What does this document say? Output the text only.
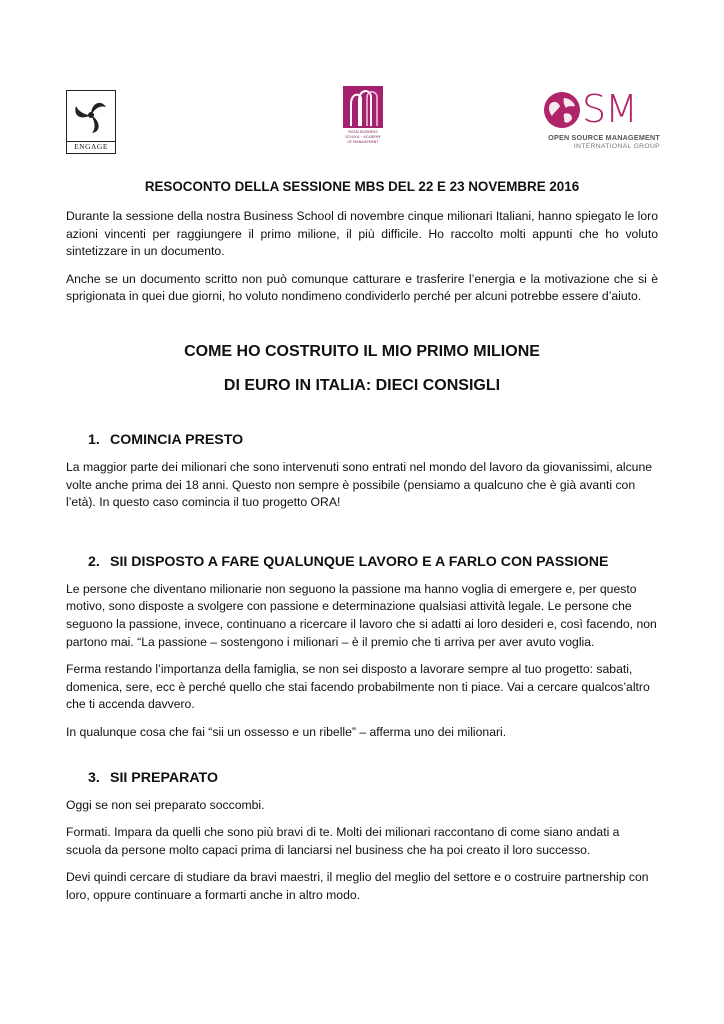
ENGAGE
ROSSI BUSINESS SCHOOL · ACADEMY OF MANAGEMENT
SM
OPEN SOURCE MANAGEMENT
INTERNATIONAL GROUP
RESOCONTO DELLA SESSIONE MBS DEL 22 E 23 NOVEMBRE 2016

Durante la sessione della nostra Business School di novembre cinque milionari Italiani, hanno spiegato le loro azioni vincenti per raggiungere il primo milione, il più difficile. Ho raccolto molti appunti che ho voluto sintetizzare in un documento.

Anche se un documento scritto non può comunque catturare e trasferire l’energia e la motivazione che si è sprigionata in quei due giorni, ho voluto nondimeno condividerlo perché per alcuni potrebbe essere d’aiuto.

COME HO COSTRUITO IL MIO PRIMO MILIONE
DI EURO IN ITALIA: DIECI CONSIGLI
1. COMINCIA PRESTO

La maggior parte dei milionari che sono intervenuti sono entrati nel mondo del lavoro da giovanissimi, alcune volte anche prima dei 18 anni. Questo non sempre è possibile (pensiamo a qualcuno che è già avanti con l’età). In questo caso comincia il tuo progetto ORA!

2. SII DISPOSTO A FARE QUALUNQUE LAVORO E A FARLO CON PASSIONE

Le persone che diventano milionarie non seguono la passione ma hanno voglia di emergere e, per questo motivo, sono disposte a svolgere con passione e determinazione qualsiasi attività legale. Le persone che seguono la passione, invece, continuano a ricercare il lavoro che si adatti ai loro desideri e, così facendo, non partono mai. “La passione – sostengono i milionari – è il premio che ti arriva per aver avuto voglia.

Ferma restando l’importanza della famiglia, se non sei disposto a lavorare sempre al tuo progetto: sabati, domenica, sere, ecc è perché quello che stai facendo probabilmente non ti piace. Vai a cercare qualcos’altro che ti accenda davvero.

In qualunque cosa che fai “sii un ossesso e un ribelle” – afferma uno dei milionari.

3. SII PREPARATO

Oggi se non sei preparato soccombi.

Formati. Impara da quelli che sono più bravi di te. Molti dei milionari raccontano di come siano andati a scuola da persone molto capaci prima di lanciarsi nel business che ha poi creato il loro successo.

Devi quindi cercare di studiare da bravi maestri, il meglio del meglio del settore e o costruire partnership con loro, oppure continuare a formarti anche in altro modo.
